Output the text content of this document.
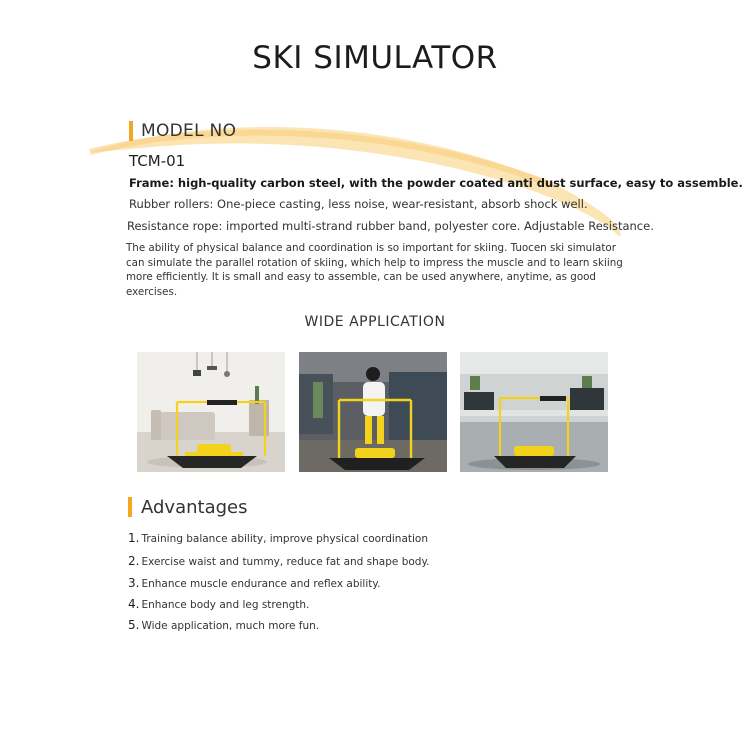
SKI SIMULATOR
MODEL NO
TCM-01
Frame: high-quality carbon steel, with the powder coated anti dust surface, easy to assemble.
Rubber rollers: One-piece casting, less noise, wear-resistant, absorb shock well.
Resistance rope: imported multi-strand rubber band, polyester core. Adjustable Resistance.
The ability of physical balance and coordination is so important for skiing. Tuocen ski simulator can simulate the parallel rotation of skiing, which help to impress the muscle and to learn skiing more efficiently. It is small and easy to assemble, can be used anywhere, anytime, as good exercises.
WIDE APPLICATION
Advantages
1. Training balance ability, improve physical coordination
2. Exercise waist and tummy, reduce fat and shape body.
3. Enhance muscle endurance and reflex ability.
4. Enhance body and leg strength.
5. Wide application, much more fun.
